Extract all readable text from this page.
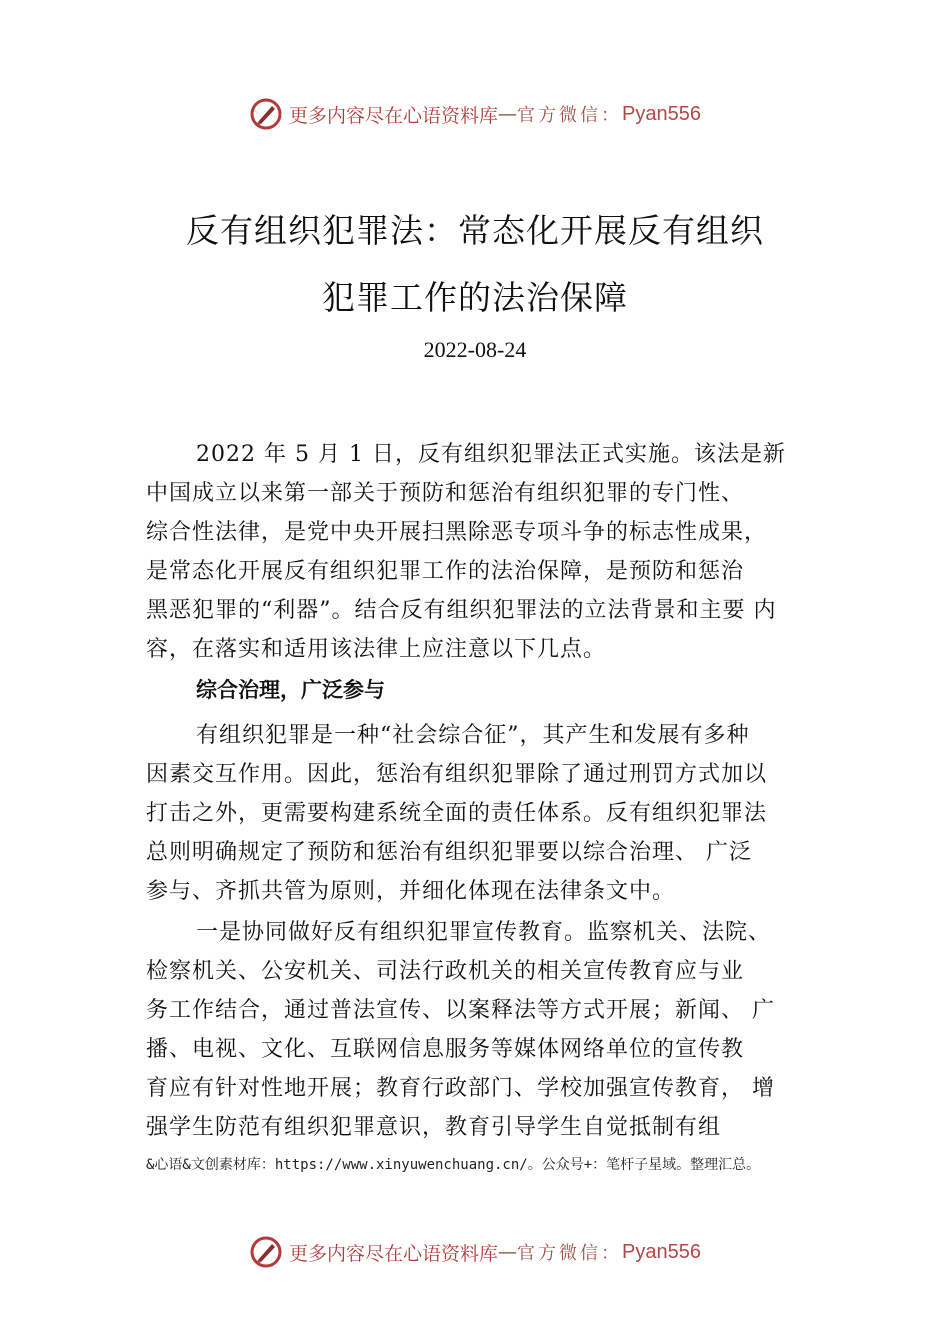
更多内容尽在心语资料库 — 官方微信： Pyan556
反有组织犯罪法：常态化开展反有组织
犯罪工作的法治保障
2022-08-24
2022 年 5 月 1 日，反有组织犯罪法正式实施。该法是新
中国成立以来第一部关于预防和惩治有组织犯罪的专门性、
综合性法律，是党中央开展扫黑除恶专项斗争的标志性成果，
是常态化开展反有组织犯罪工作的法治保障，是预防和惩治
黑恶犯罪的“利器”。结合反有组织犯罪法的立法背景和主要 内
容，在落实和适用该法律上应注意以下几点。
综合治理，广泛参与
有组织犯罪是一种“社会综合征”，其产生和发展有多种
因素交互作用。因此，惩治有组织犯罪除了通过刑罚方式加以
打击之外，更需要构建系统全面的责任体系。反有组织犯罪法
总则明确规定了预防和惩治有组织犯罪要以综合治理、 广泛
参与、齐抓共管为原则，并细化体现在法律条文中。
一是协同做好反有组织犯罪宣传教育。监察机关、法院、
检察机关、公安机关、司法行政机关的相关宣传教育应与业
务工作结合，通过普法宣传、以案释法等方式开展；新闻、 广
播、电视、文化、互联网信息服务等媒体网络单位的宣传教
育应有针对性地开展；教育行政部门、学校加强宣传教育， 增
强学生防范有组织犯罪意识，教育引导学生自觉抵制有组
&心语&文创素材库：https://www.xinyuwenchuang.cn/。公众号+：笔杆子星域。整理汇总。
更多内容尽在心语资料库 — 官方微信： Pyan556
